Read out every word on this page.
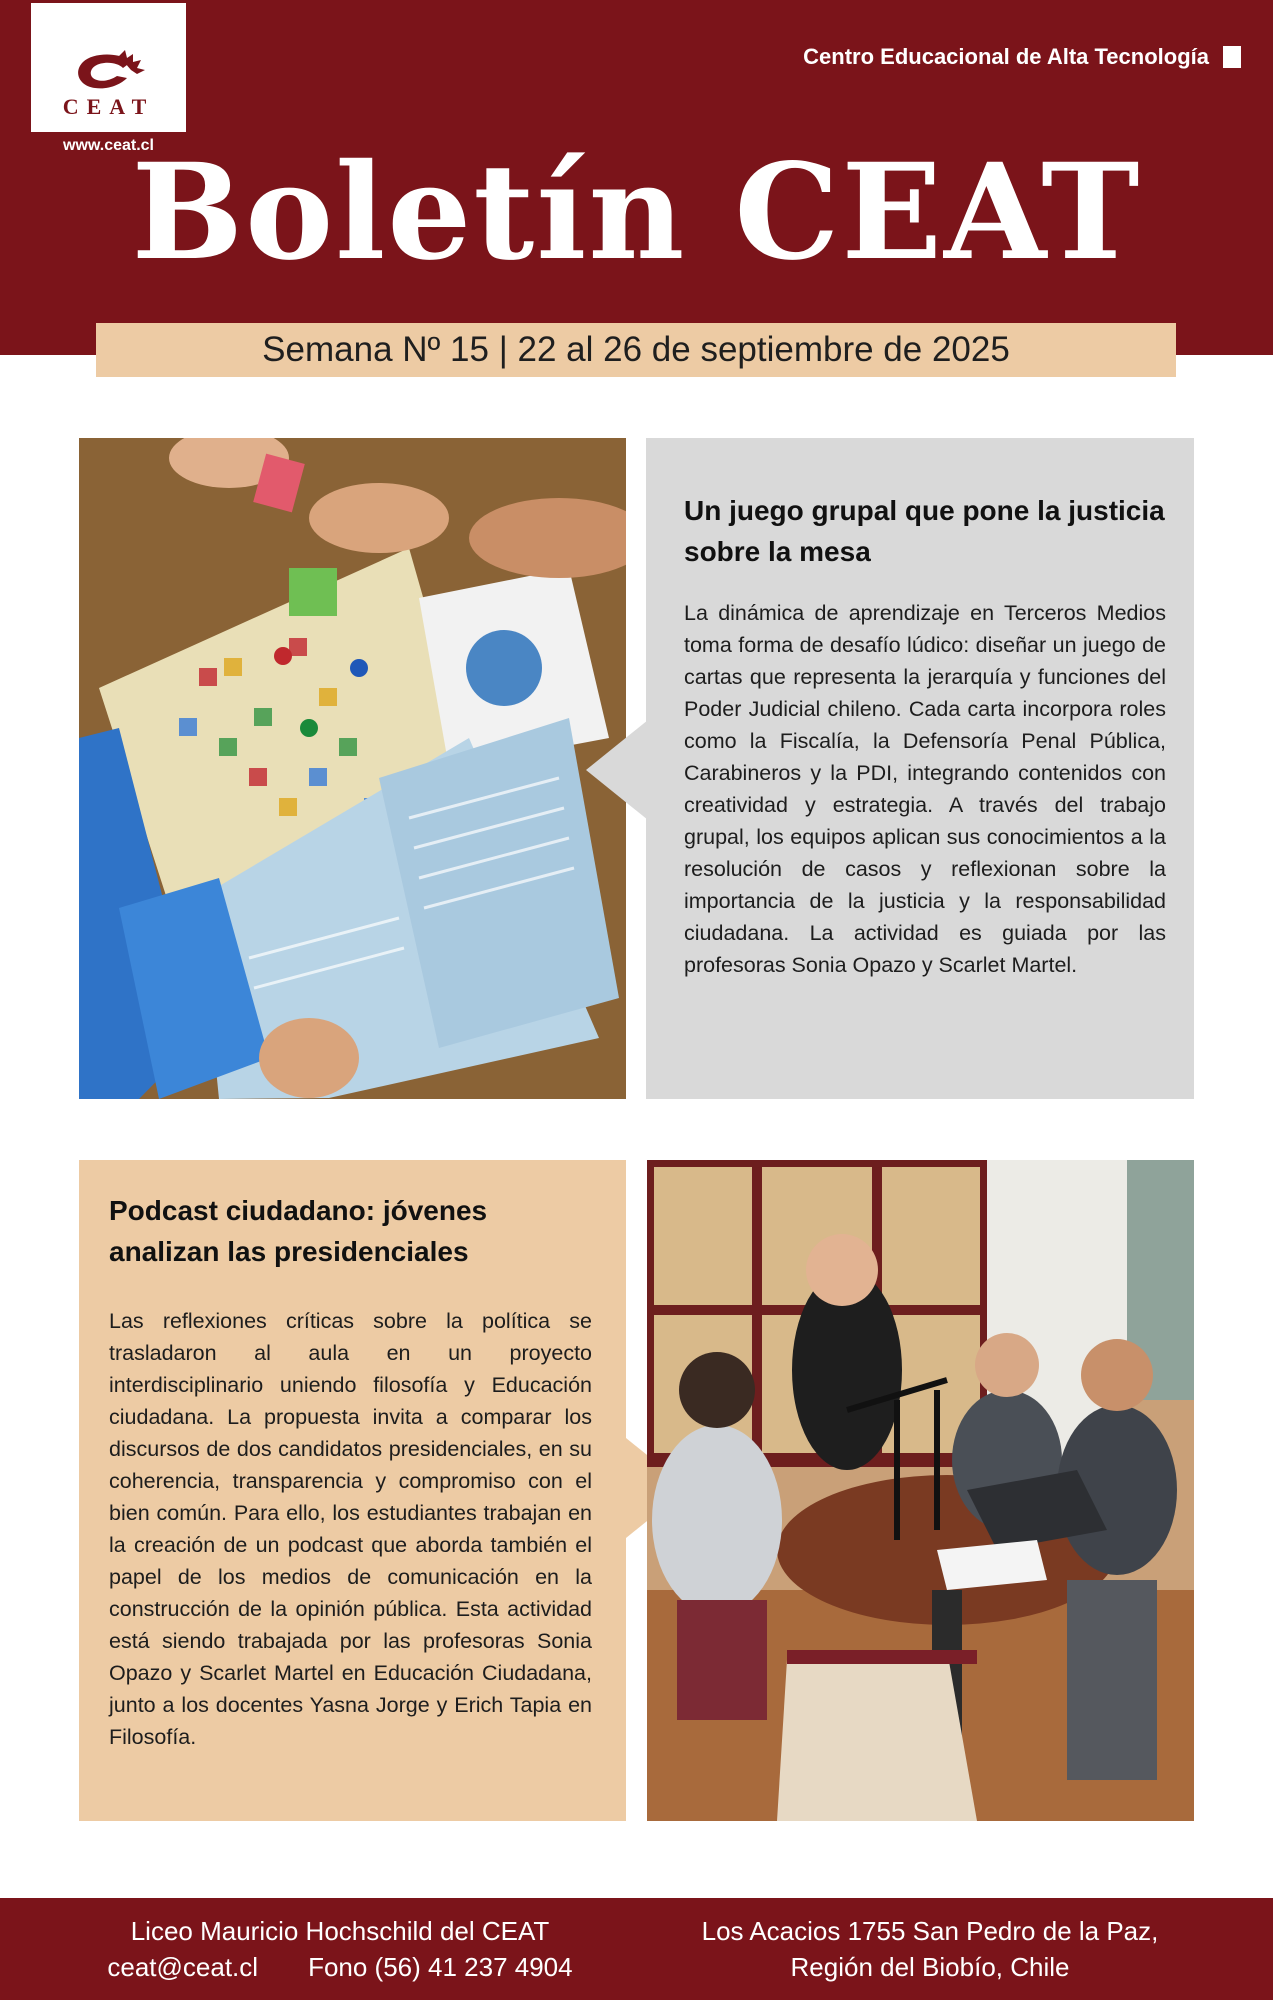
CEAT
www.ceat.cl
Centro Educacional de Alta Tecnología
Boletín CEAT
Semana Nº 15 | 22 al 26 de septiembre de 2025
Un juego grupal que pone la justicia sobre la mesa

La dinámica de aprendizaje en Terceros Medios toma forma de desafío lúdico: diseñar un juego de cartas que representa la jerarquía y funciones del Poder Judicial chileno. Cada carta incorpora roles como la Fiscalía, la Defensoría Penal Pública, Carabineros y la PDI, integrando contenidos con creatividad y estrategia. A través del trabajo grupal, los equipos aplican sus conocimientos a la resolución de casos y reflexionan sobre la importancia de la justicia y la responsabilidad ciudadana. La actividad es guiada por las profesoras Sonia Opazo y Scarlet Martel.

Podcast ciudadano: jóvenes analizan las presidenciales

Las reflexiones críticas sobre la política se trasladaron al aula en un proyecto interdisciplinario uniendo filosofía y Educación ciudadana. La propuesta invita a comparar los discursos de dos candidatos presidenciales, en su coherencia, transparencia y compromiso con el bien común. Para ello, los estudiantes trabajan en la creación de un podcast que aborda también el papel de los medios de comunicación en la construcción de la opinión pública. Esta actividad está siendo trabajada por las profesoras Sonia Opazo y Scarlet Martel en Educación Ciudadana, junto a los docentes Yasna Jorge y Erich Tapia en Filosofía.

Liceo Mauricio Hochschild del CEAT
ceat@ceat.cl Fono (56) 41 237 4904
Los Acacios 1755 San Pedro de la Paz,
Región del Biobío, Chile
